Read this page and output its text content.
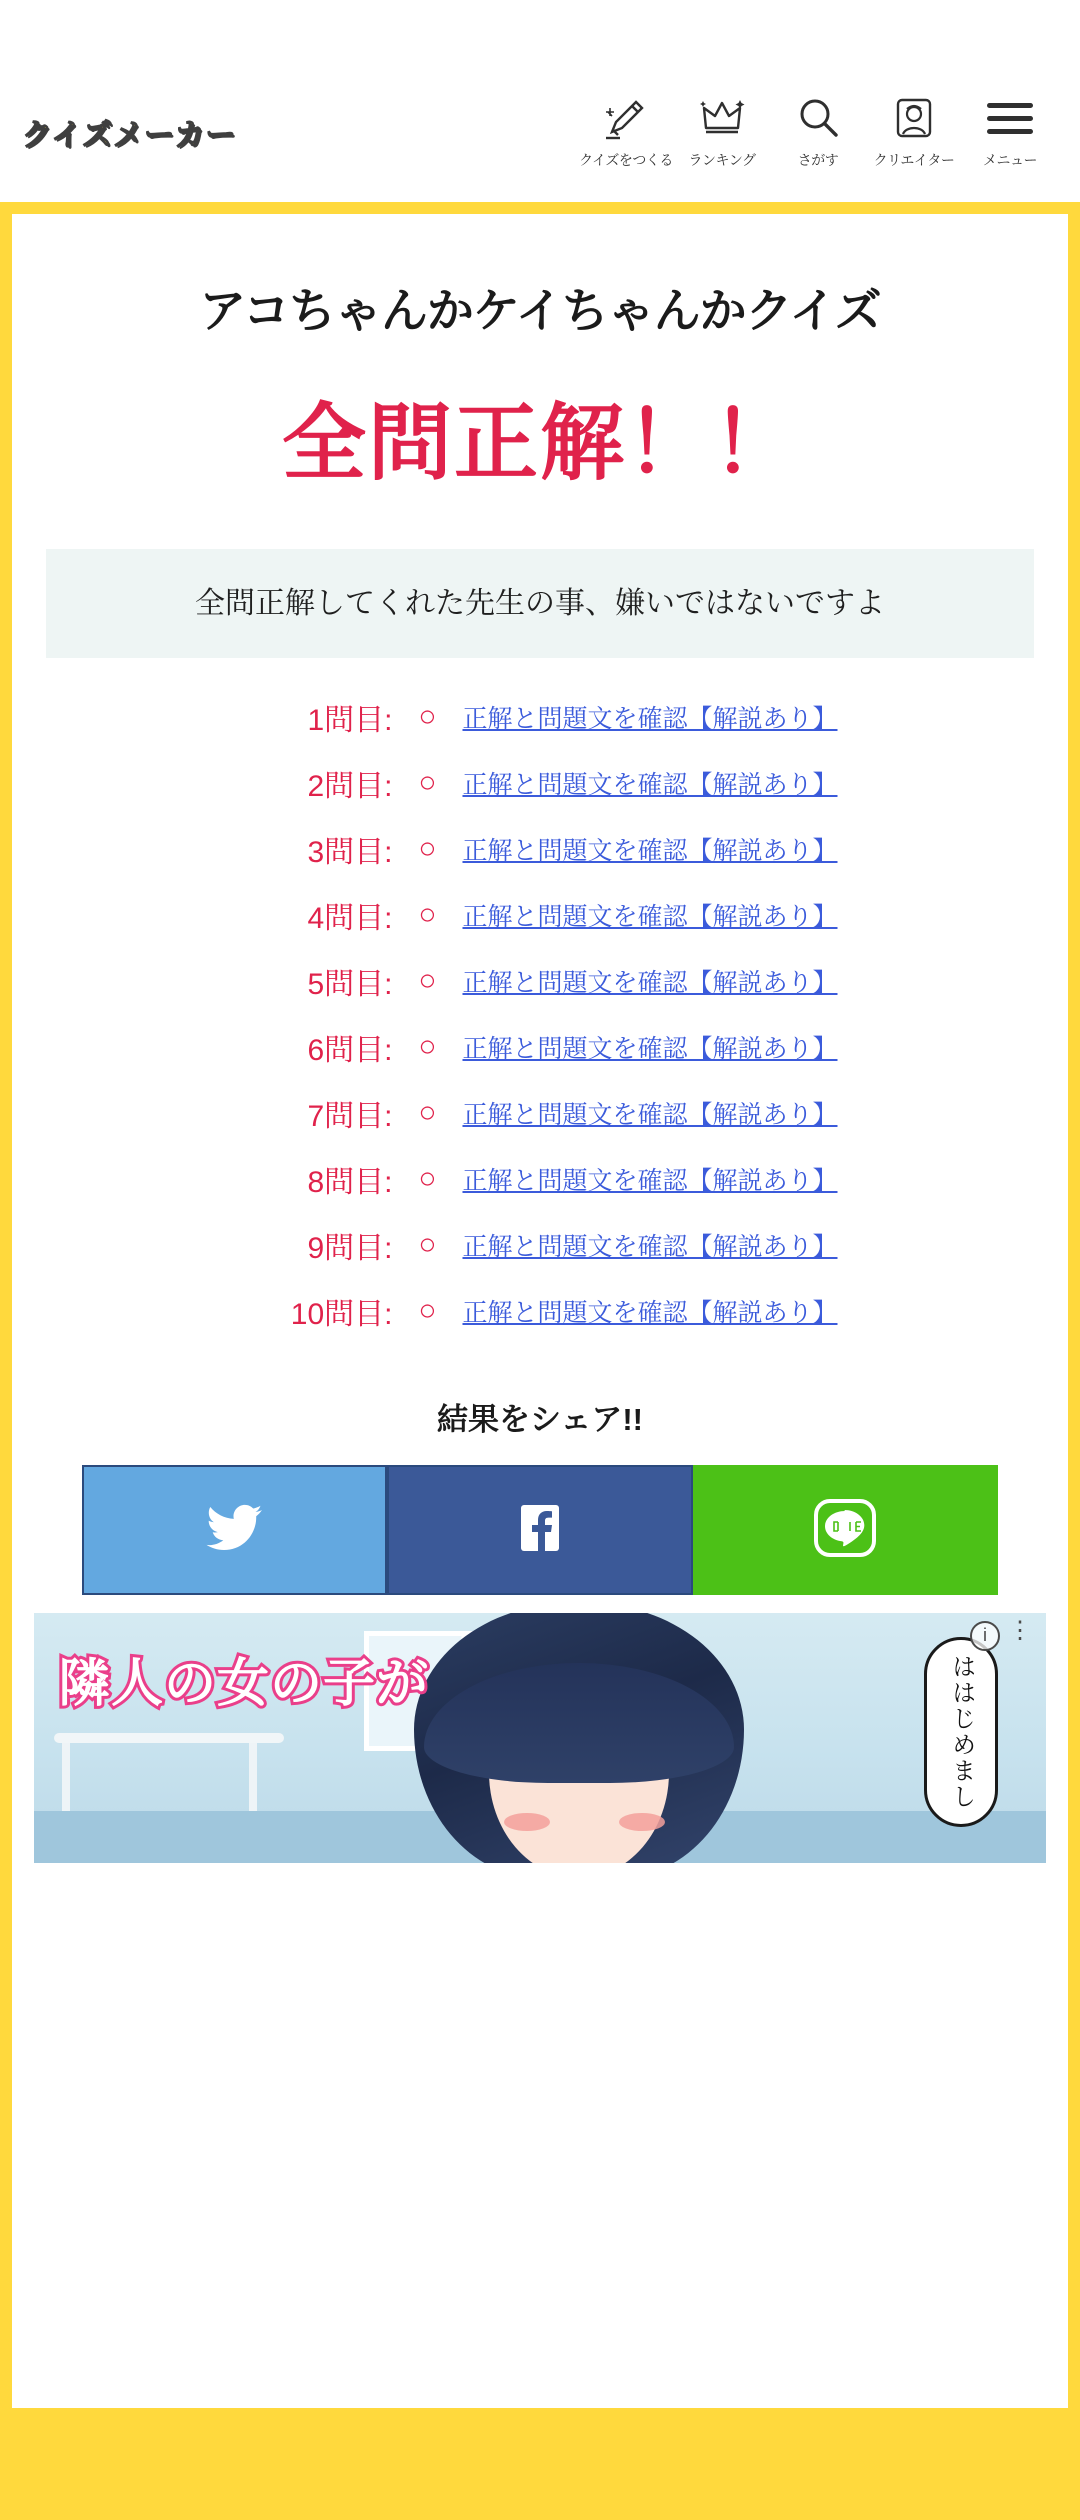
クイズメーカー
クイズをつくる ランキング	さがす	クリエイター メニュー
アコちゃんかケイちゃんかクイズ
全問正解！！
全問正解してくれた先生の事、嫌いではないですよ
1問目: ○	正解と問題文を確認【解説あり】
2問目: ○	正解と問題文を確認【解説あり】
3問目: ○	正解と問題文を確認【解説あり】
4問目: ○	正解と問題文を確認【解説あり】
5問目: ○	正解と問題文を確認【解説あり】
6問目: ○	正解と問題文を確認【解説あり】
7問目: ○	正解と問題文を確認【解説あり】
8問目: ○	正解と問題文を確認【解説あり】
9問目: ○	正解と問題文を確認【解説あり】
10問目: ○	正解と問題文を確認【解説あり】
結果をシェア!!
隣人の女の子が	ははじめまし
i ⋮
